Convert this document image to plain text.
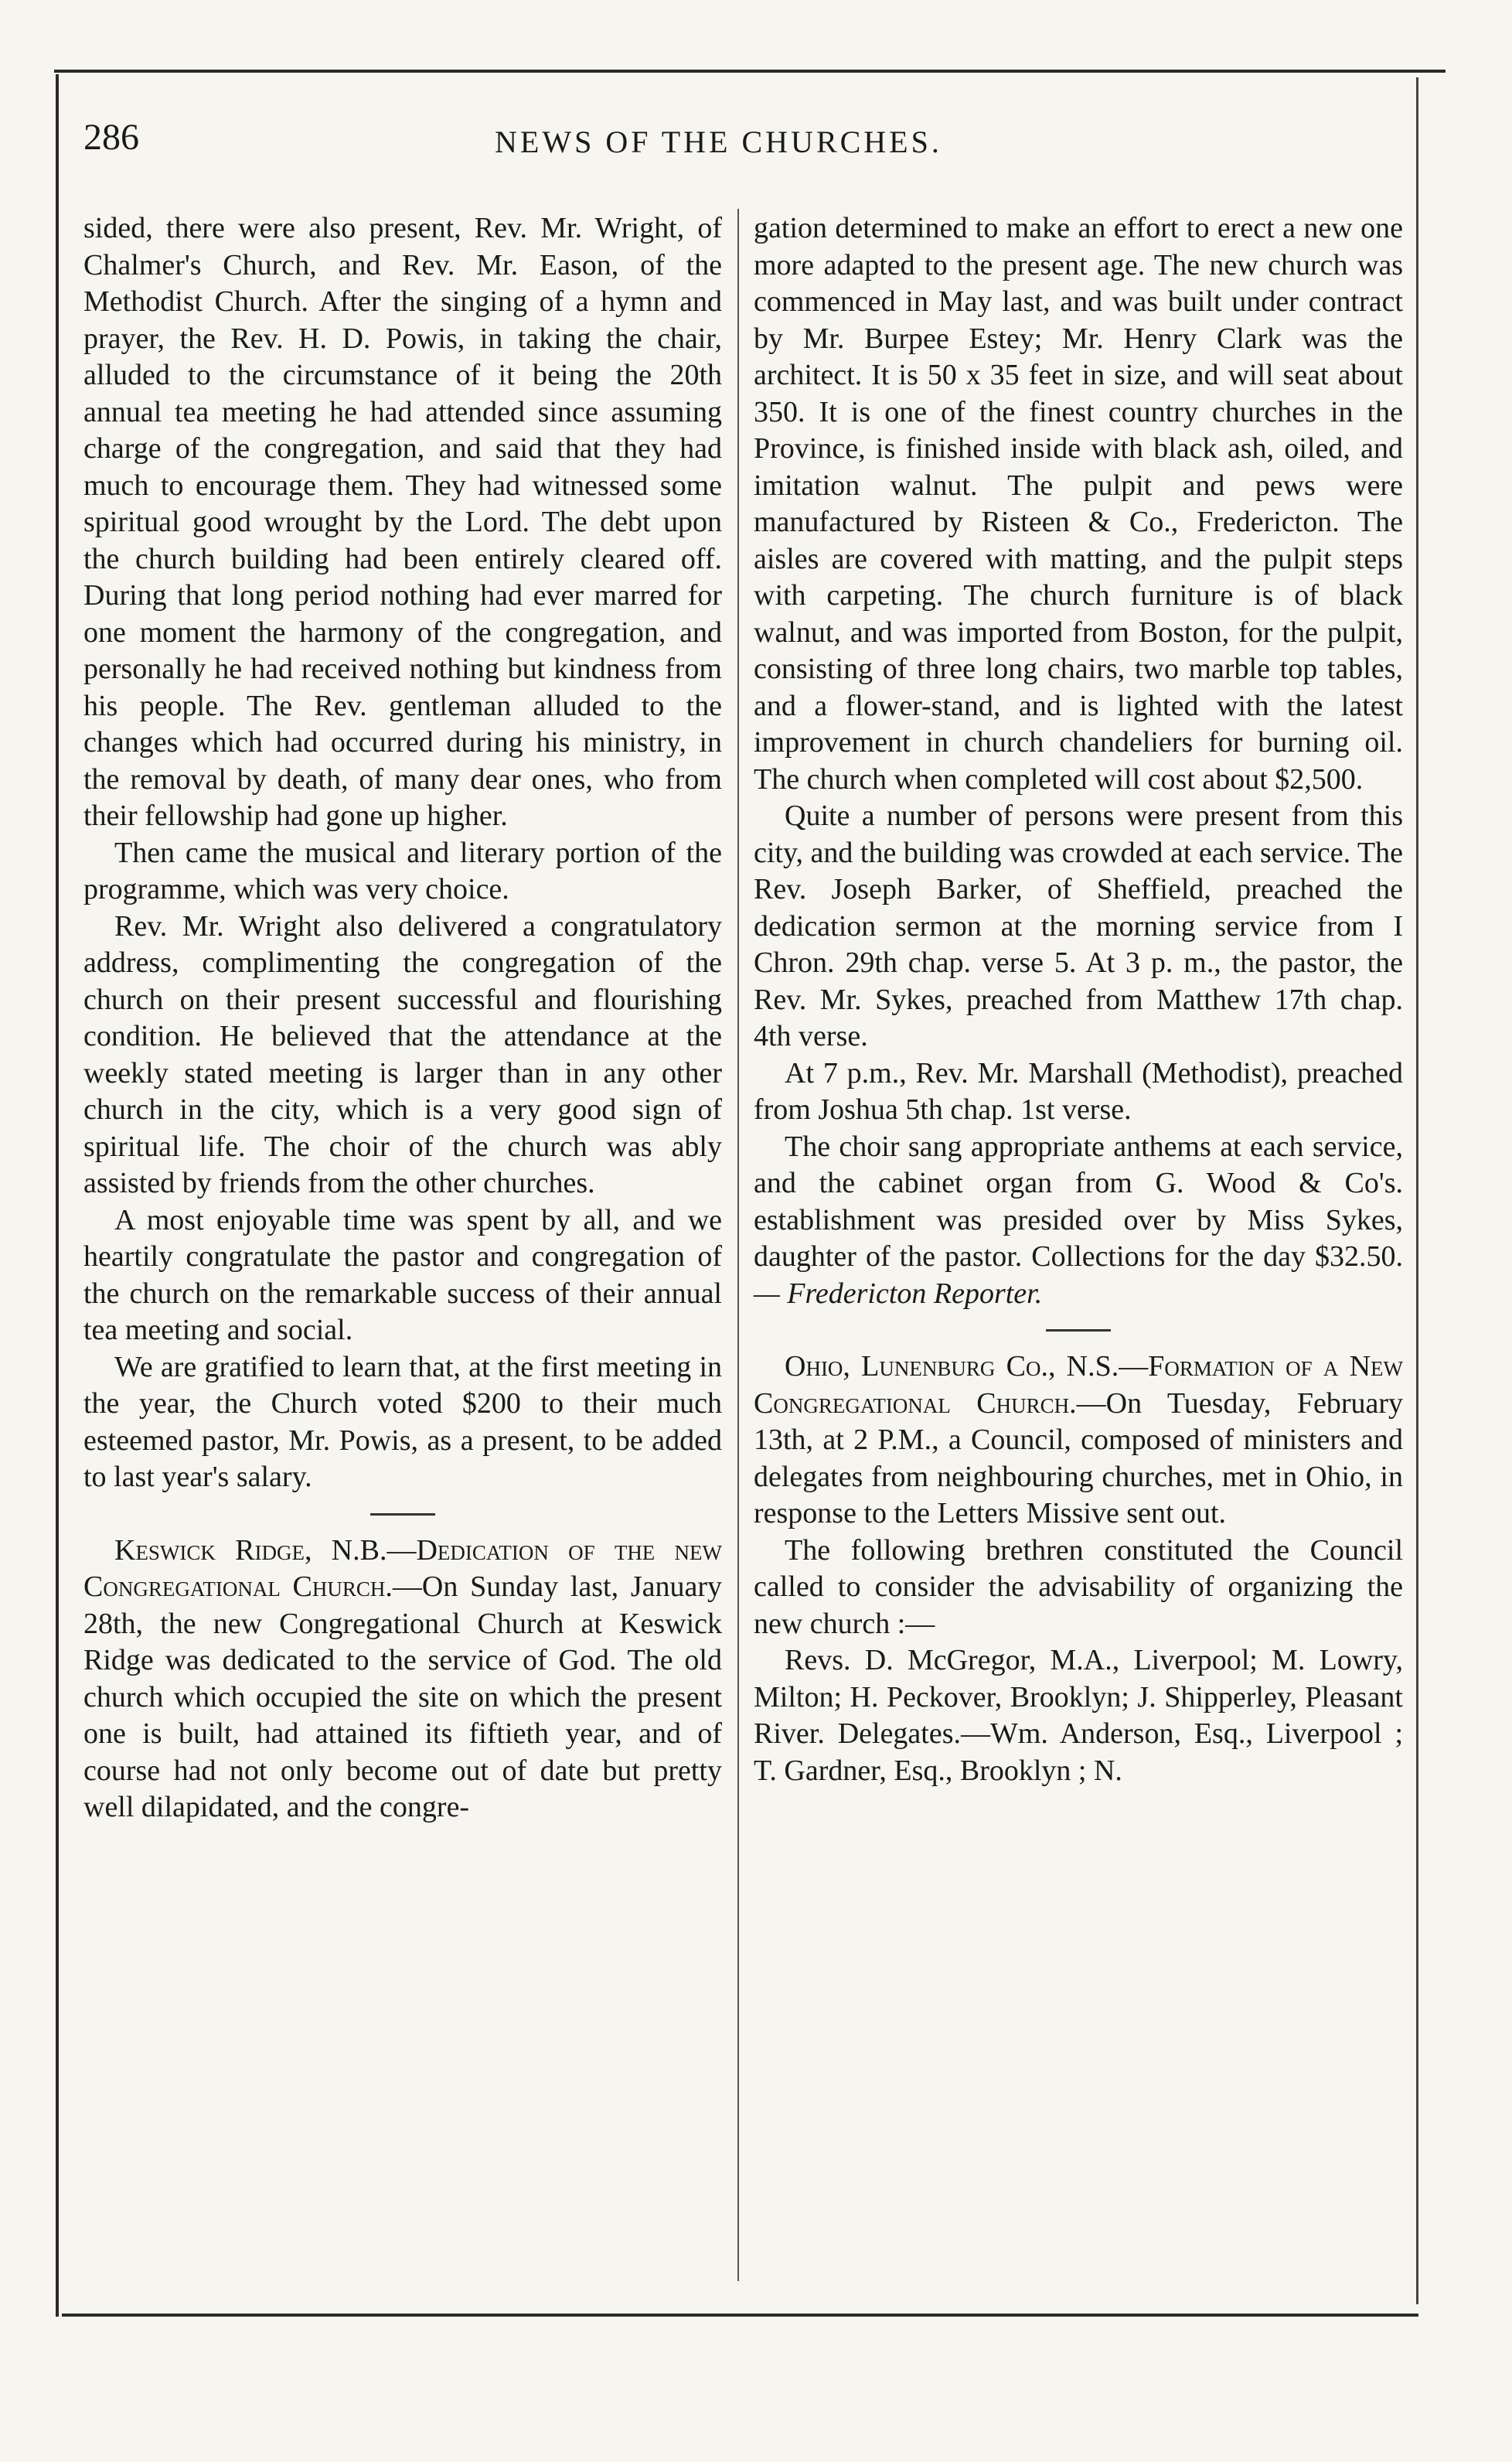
286	NEWS OF THE CHURCHES.

sided, there were also present, Rev. Mr. Wright, of Chalmer's Church, and Rev. Mr. Eason, of the Methodist Church. After the singing of a hymn and prayer, the Rev. H. D. Powis, in taking the chair, alluded to the circumstance of it being the 20th annual tea meeting he had attended since assuming charge of the congregation, and said that they had much to encourage them. They had witnessed some spiritual good wrought by the Lord. The debt upon the church building had been entirely cleared off. During that long period nothing had ever marred for one moment the harmony of the congregation, and personally he had received nothing but kindness from his people. The Rev. gentleman alluded to the changes which had occurred during his ministry, in the removal by death, of many dear ones, who from their fellowship had gone up higher.

Then came the musical and literary portion of the programme, which was very choice.

Rev. Mr. Wright also delivered a congratulatory address, complimenting the congregation of the church on their present successful and flourishing condition. He believed that the attendance at the weekly stated meeting is larger than in any other church in the city, which is a very good sign of spiritual life. The choir of the church was ably assisted by friends from the other churches.

A most enjoyable time was spent by all, and we heartily congratulate the pastor and congregation of the church on the remarkable success of their annual tea meeting and social.

We are gratified to learn that, at the first meeting in the year, the Church voted $200 to their much esteemed pastor, Mr. Powis, as a present, to be added to last year's salary.

Keswick Ridge, N.B.—Dedication of the new Congregational Church.—On Sunday last, January 28th, the new Congregational Church at Keswick Ridge was dedicated to the service of God. The old church which occupied the site on which the present one is built, had attained its fiftieth year, and of course had not only become out of date but pretty well dilapidated, and the congre-

gation determined to make an effort to erect a new one more adapted to the present age. The new church was commenced in May last, and was built under contract by Mr. Burpee Estey; Mr. Henry Clark was the architect. It is 50 x 35 feet in size, and will seat about 350. It is one of the finest country churches in the Province, is finished inside with black ash, oiled, and imitation walnut. The pulpit and pews were manufactured by Risteen & Co., Fredericton. The aisles are covered with matting, and the pulpit steps with carpeting. The church furniture is of black walnut, and was imported from Boston, for the pulpit, consisting of three long chairs, two marble top tables, and a flower-stand, and is lighted with the latest improvement in church chandeliers for burning oil. The church when completed will cost about $2,500.

Quite a number of persons were present from this city, and the building was crowded at each service. The Rev. Joseph Barker, of Sheffield, preached the dedication sermon at the morning service from I Chron. 29th chap. verse 5. At 3 p. m., the pastor, the Rev. Mr. Sykes, preached from Matthew 17th chap. 4th verse.

At 7 p.m., Rev. Mr. Marshall (Methodist), preached from Joshua 5th chap. 1st verse.

The choir sang appropriate anthems at each service, and the cabinet organ from G. Wood & Co's. establishment was presided over by Miss Sykes, daughter of the pastor. Collections for the day $32.50. — Fredericton Reporter.

Ohio, Lunenburg Co., N.S.—Formation of a New Congregational Church.—On Tuesday, February 13th, at 2 P.M., a Council, composed of ministers and delegates from neighbouring churches, met in Ohio, in response to the Letters Missive sent out.

The following brethren constituted the Council called to consider the advisability of organizing the new church :—

Revs. D. McGregor, M.A., Liverpool; M. Lowry, Milton; H. Peckover, Brooklyn; J. Shipperley, Pleasant River. Delegates.—Wm. Anderson, Esq., Liverpool ; T. Gardner, Esq., Brooklyn ; N.
